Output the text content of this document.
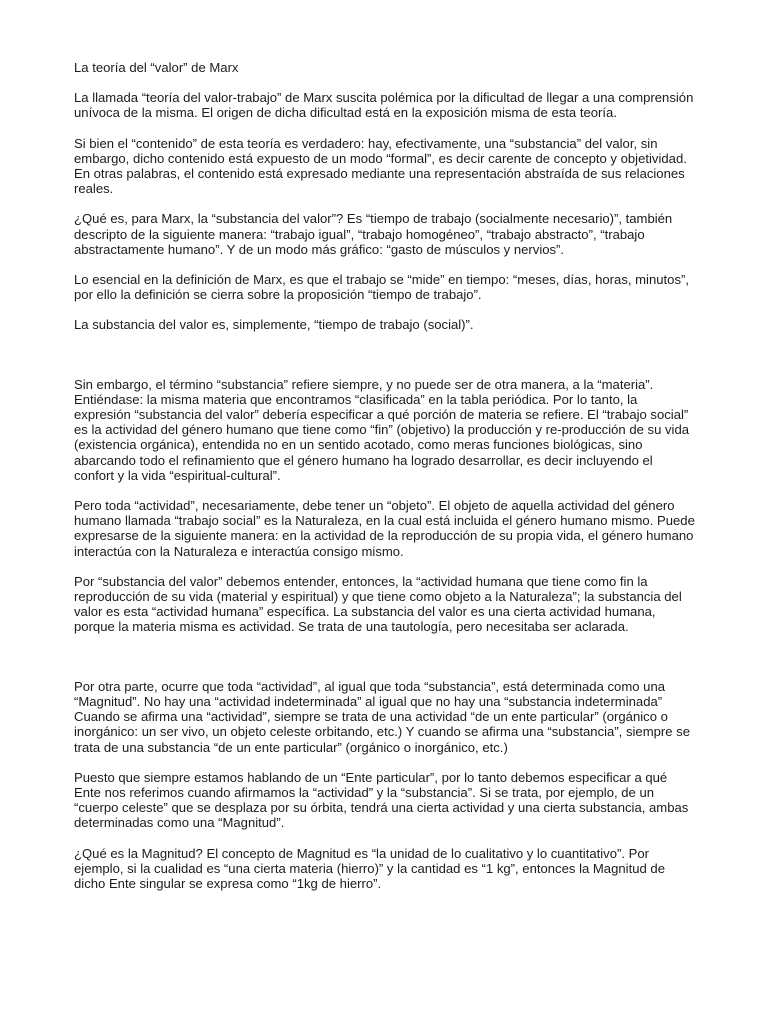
La teoría del “valor” de Marx

La llamada “teoría del valor-trabajo” de Marx suscita polémica por la dificultad de llegar a una comprensión unívoca de la misma. El origen de dicha dificultad está en la exposición misma de esta teoría.

Si bien el “contenido” de esta teoría es verdadero: hay, efectivamente, una “substancia” del valor, sin embargo, dicho contenido está expuesto de un modo “formal”, es decir carente de concepto y objetividad. En otras palabras, el contenido está expresado mediante una representación abstraída de sus relaciones reales.

¿Qué es, para Marx, la “substancia del valor”? Es “tiempo de trabajo (socialmente necesario)”, también descripto de la siguiente manera: “trabajo igual”, “trabajo homogéneo”, “trabajo abstracto”, “trabajo abstractamente humano”. Y de un modo más gráfico: “gasto de músculos y nervios”.

Lo esencial en la definición de Marx, es que el trabajo se “mide” en tiempo: “meses, días, horas, minutos”, por ello la definición se cierra sobre la proposición “tiempo de trabajo”.

La substancia del valor es, simplemente, “tiempo de trabajo (social)”.

Sin embargo, el término “substancia” refiere siempre, y no puede ser de otra manera, a la “materia”. Entiéndase: la misma materia que encontramos “clasificada” en la tabla periódica. Por lo tanto, la expresión “substancia del valor” debería especificar a qué porción de materia se refiere. El “trabajo social” es la actividad del género humano que tiene como “fin” (objetivo) la producción y re-producción de su vida (existencia orgánica), entendida no en un sentido acotado, como meras funciones biológicas, sino abarcando todo el refinamiento que el género humano ha logrado desarrollar, es decir incluyendo el confort y la vida “espiritual-cultural”.

Pero toda “actividad”, necesariamente, debe tener un “objeto”. El objeto de aquella actividad del género humano llamada “trabajo social” es la Naturaleza, en la cual está incluida el género humano mismo. Puede expresarse de la siguiente manera: en la actividad de la reproducción de su propia vida, el género humano interactúa con la Naturaleza e interactúa consigo mismo.

Por “substancia del valor” debemos entender, entonces, la “actividad humana que tiene como fin la reproducción de su vida (material y espiritual) y que tiene como objeto a la Naturaleza”; la substancia del valor es esta “actividad humana” específica. La substancia del valor es una cierta actividad humana, porque la materia misma es actividad. Se trata de una tautología, pero necesitaba ser aclarada.

Por otra parte, ocurre que toda “actividad”, al igual que toda “substancia”, está determinada como una “Magnitud”. No hay una “actividad indeterminada” al igual que no hay una “substancia indeterminada” Cuando se afirma una “actividad”, siempre se trata de una actividad “de un ente particular” (orgánico o inorgánico: un ser vivo, un objeto celeste orbitando, etc.) Y cuando se afirma una “substancia”, siempre se trata de una substancia “de un ente particular” (orgánico o inorgánico, etc.)

Puesto que siempre estamos hablando de un “Ente particular”, por lo tanto debemos especificar a qué Ente nos referimos cuando afirmamos la “actividad” y la “substancia”. Si se trata, por ejemplo, de un “cuerpo celeste” que se desplaza por su órbita, tendrá una cierta actividad y una cierta substancia, ambas determinadas como una “Magnitud”.

¿Qué es la Magnitud? El concepto de Magnitud es “la unidad de lo cualitativo y lo cuantitativo”. Por ejemplo, si la cualidad es “una cierta materia (hierro)” y la cantidad es “1 kg”, entonces la Magnitud de dicho Ente singular se expresa como “1kg de hierro”.
